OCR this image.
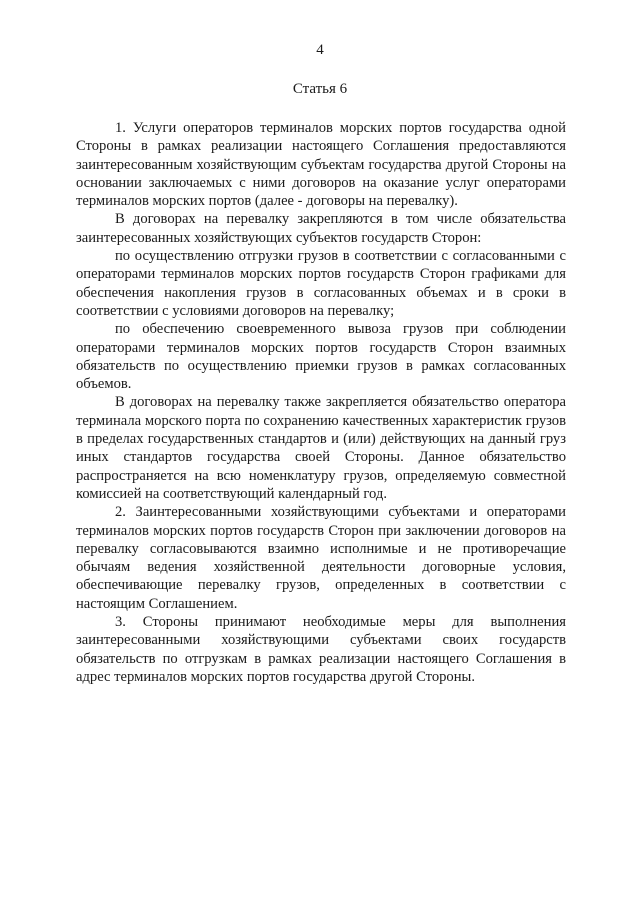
4
Статья 6

1. Услуги операторов терминалов морских портов государства одной Стороны в рамках реализации настоящего Соглашения предоставляются заинтересованным хозяйствующим субъектам государства другой Стороны на основании заключаемых с ними договоров на оказание услуг операторами терминалов морских портов (далее - договоры на перевалку).

В договорах на перевалку закрепляются в том числе обязательства заинтересованных хозяйствующих субъектов государств Сторон:

по осуществлению отгрузки грузов в соответствии с согласованными с операторами терминалов морских портов государств Сторон графиками для обеспечения накопления грузов в согласованных объемах и в сроки в соответствии с условиями договоров на перевалку;

по обеспечению своевременного вывоза грузов при соблюдении операторами терминалов морских портов государств Сторон взаимных обязательств по осуществлению приемки грузов в рамках согласованных объемов.

В договорах на перевалку также закрепляется обязательство оператора терминала морского порта по сохранению качественных характеристик грузов в пределах государственных стандартов и (или) действующих на данный груз иных стандартов государства своей Стороны. Данное обязательство распространяется на всю номенклатуру грузов, определяемую совместной комиссией на соответствующий календарный год.

2. Заинтересованными хозяйствующими субъектами и операторами терминалов морских портов государств Сторон при заключении договоров на перевалку согласовываются взаимно исполнимые и не противоречащие обычаям ведения хозяйственной деятельности договорные условия, обеспечивающие перевалку грузов, определенных в соответствии с настоящим Соглашением.

3. Стороны принимают необходимые меры для выполнения заинтересованными хозяйствующими субъектами своих государств обязательств по отгрузкам в рамках реализации настоящего Соглашения в адрес терминалов морских портов государства другой Стороны.
